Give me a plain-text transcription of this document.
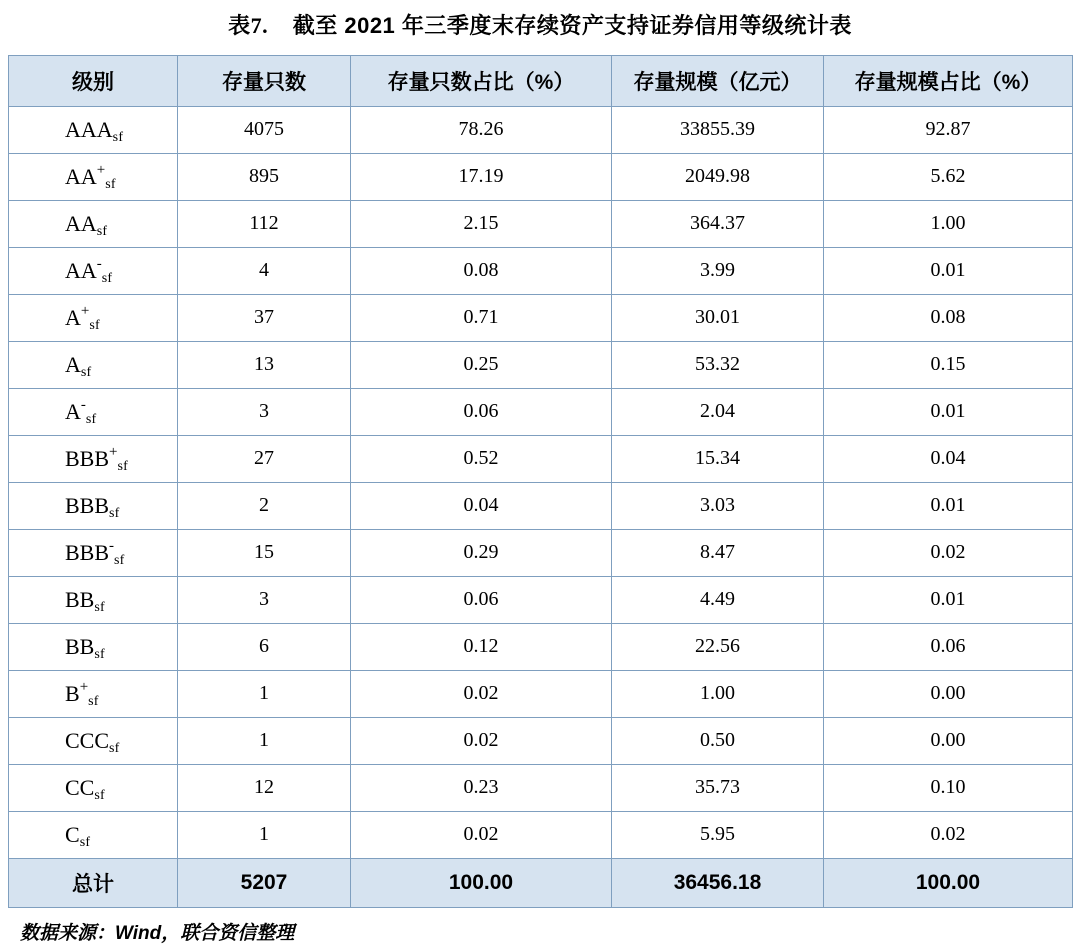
表7. 截至 2021 年三季度末存续资产支持证券信用等级统计表
级别	存量只数	存量只数占比（%）	存量规模（亿元）	存量规模占比（%）
AAAsf	4075	78.26	33855.39	92.87
AA+sf	895	17.19	2049.98	5.62
AAsf	112	2.15	364.37	1.00
AA-sf	4	0.08	3.99	0.01
A+sf	37	0.71	30.01	0.08
Asf	13	0.25	53.32	0.15
A-sf	3	0.06	2.04	0.01
BBB+sf	27	0.52	15.34	0.04
BBBsf	2	0.04	3.03	0.01
BBB-sf	15	0.29	8.47	0.02
BBsf	3	0.06	4.49	0.01
BBsf	6	0.12	22.56	0.06
B+sf	1	0.02	1.00	0.00
CCCsf	1	0.02	0.50	0.00
CCsf	12	0.23	35.73	0.10
Csf	1	0.02	5.95	0.02
总计	5207	100.00	36456.18	100.00
数据来源：Wind，联合资信整理
